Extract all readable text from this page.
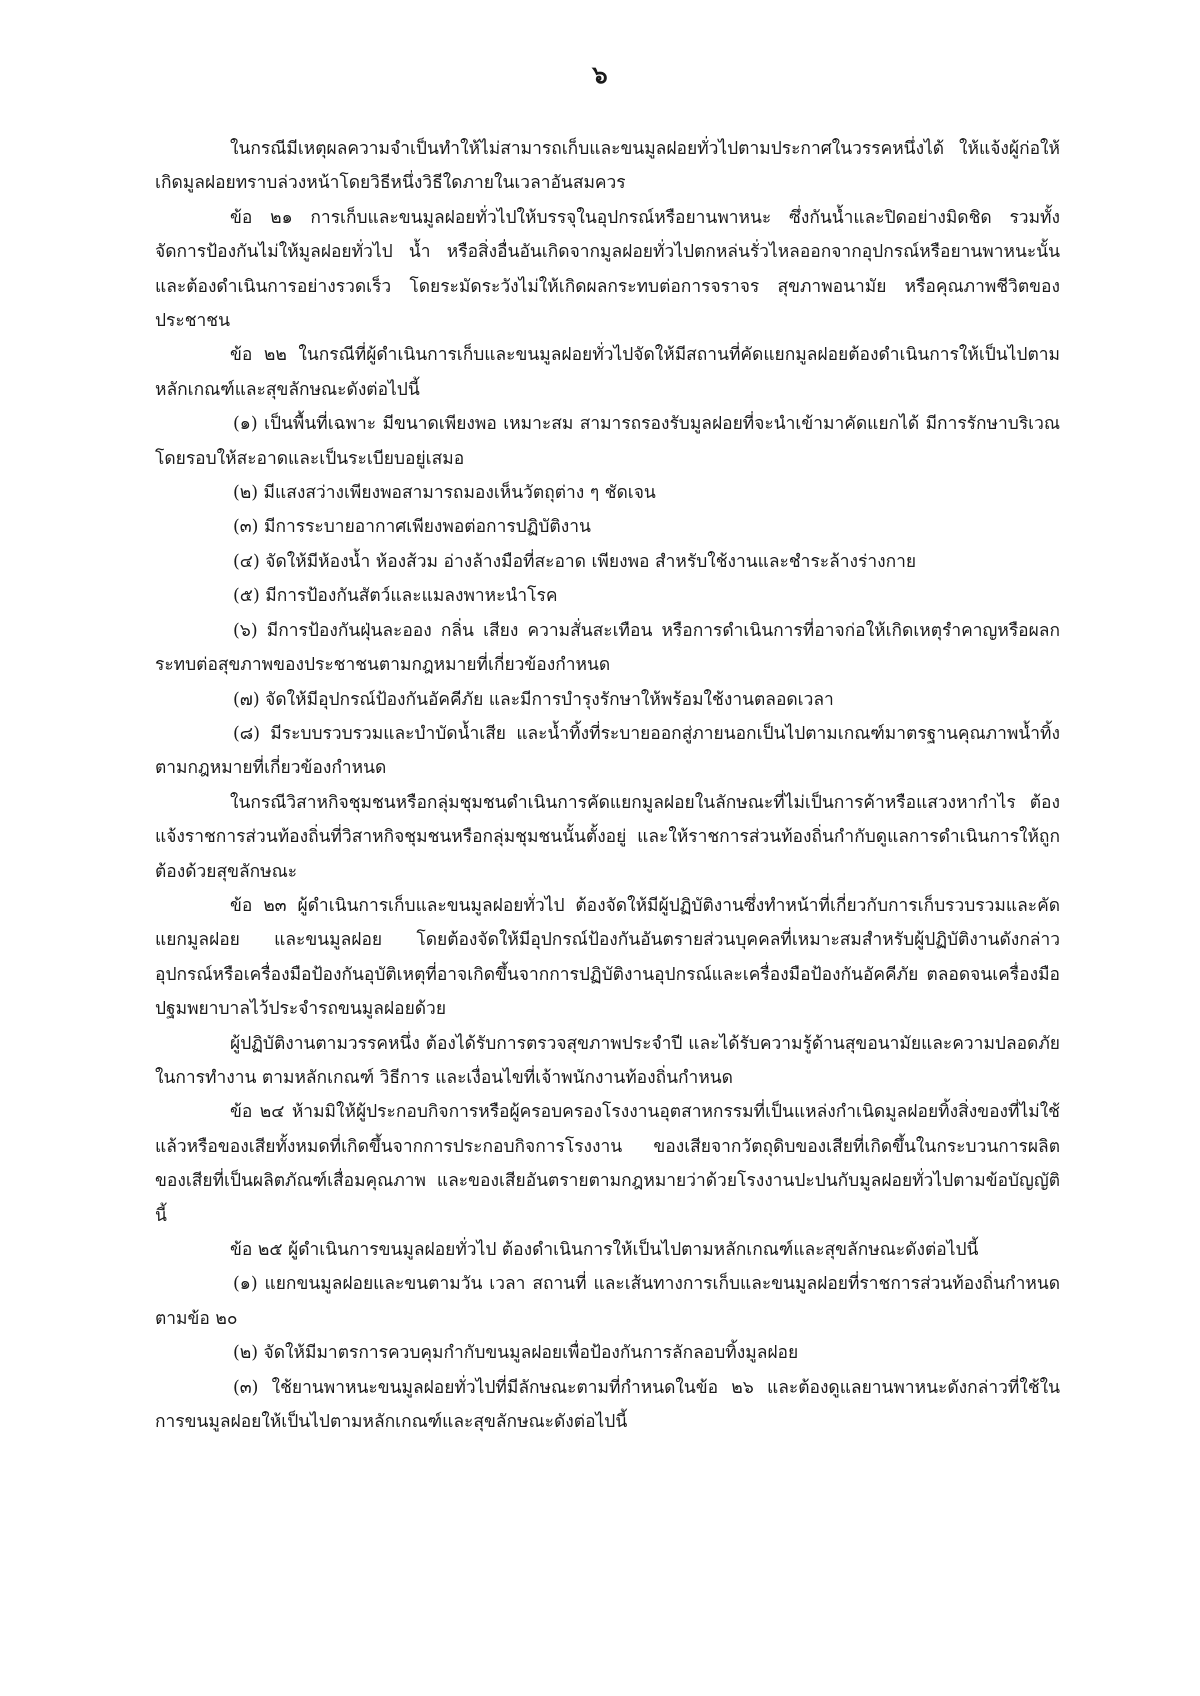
๖

ในกรณีมีเหตุผลความจำเป็นทำให้ไม่สามารถเก็บและขนมูลฝอยทั่วไปตามประกาศในวรรคหนึ่งได้ ให้แจ้งผู้ก่อให้เกิดมูลฝอยทราบล่วงหน้าโดยวิธีหนึ่งวิธีใดภายในเวลาอันสมควร

ข้อ ๒๑ การเก็บและขนมูลฝอยทั่วไปให้บรรจุในอุปกรณ์หรือยานพาหนะ ซึ่งกันน้ำและปิดอย่างมิดชิด รวมทั้งจัดการป้องกันไม่ให้มูลฝอยทั่วไป น้ำ หรือสิ่งอื่นอันเกิดจากมูลฝอยทั่วไปตกหล่นรั่วไหลออกจากอุปกรณ์หรือยานพาหนะนั้น และต้องดำเนินการอย่างรวดเร็ว โดยระมัดระวังไม่ให้เกิดผลกระทบต่อการจราจร สุขภาพอนามัย หรือคุณภาพชีวิตของประชาชน

ข้อ ๒๒ ในกรณีที่ผู้ดำเนินการเก็บและขนมูลฝอยทั่วไปจัดให้มีสถานที่คัดแยกมูลฝอยต้องดำเนินการให้เป็นไปตามหลักเกณฑ์และสุขลักษณะดังต่อไปนี้

(๑) เป็นพื้นที่เฉพาะ มีขนาดเพียงพอ เหมาะสม สามารถรองรับมูลฝอยที่จะนำเข้ามาคัดแยกได้ มีการรักษาบริเวณโดยรอบให้สะอาดและเป็นระเบียบอยู่เสมอ

(๒) มีแสงสว่างเพียงพอสามารถมองเห็นวัตถุต่าง ๆ ชัดเจน

(๓) มีการระบายอากาศเพียงพอต่อการปฏิบัติงาน

(๔) จัดให้มีห้องน้ำ ห้องส้วม อ่างล้างมือที่สะอาด เพียงพอ สำหรับใช้งานและชำระล้างร่างกาย

(๕) มีการป้องกันสัตว์และแมลงพาหะนำโรค

(๖) มีการป้องกันฝุ่นละออง กลิ่น เสียง ความสั่นสะเทือน หรือการดำเนินการที่อาจก่อให้เกิดเหตุรำคาญหรือผลกระทบต่อสุขภาพของประชาชนตามกฎหมายที่เกี่ยวข้องกำหนด

(๗) จัดให้มีอุปกรณ์ป้องกันอัคคีภัย และมีการบำรุงรักษาให้พร้อมใช้งานตลอดเวลา

(๘) มีระบบรวบรวมและบำบัดน้ำเสีย และน้ำทิ้งที่ระบายออกสู่ภายนอกเป็นไปตามเกณฑ์มาตรฐานคุณภาพน้ำทิ้งตามกฎหมายที่เกี่ยวข้องกำหนด

ในกรณีวิสาหกิจชุมชนหรือกลุ่มชุมชนดำเนินการคัดแยกมูลฝอยในลักษณะที่ไม่เป็นการค้าหรือแสวงหากำไร ต้องแจ้งราชการส่วนท้องถิ่นที่วิสาหกิจชุมชนหรือกลุ่มชุมชนนั้นตั้งอยู่ และให้ราชการส่วนท้องถิ่นกำกับดูแลการดำเนินการให้ถูกต้องด้วยสุขลักษณะ

ข้อ ๒๓ ผู้ดำเนินการเก็บและขนมูลฝอยทั่วไป ต้องจัดให้มีผู้ปฏิบัติงานซึ่งทำหน้าที่เกี่ยวกับการเก็บรวบรวมและคัดแยกมูลฝอย และขนมูลฝอย โดยต้องจัดให้มีอุปกรณ์ป้องกันอันตรายส่วนบุคคลที่เหมาะสมสำหรับผู้ปฏิบัติงานดังกล่าว อุปกรณ์หรือเครื่องมือป้องกันอุบัติเหตุที่อาจเกิดขึ้นจากการปฏิบัติงานอุปกรณ์และเครื่องมือป้องกันอัคคีภัย ตลอดจนเครื่องมือปฐมพยาบาลไว้ประจำรถขนมูลฝอยด้วย

ผู้ปฏิบัติงานตามวรรคหนึ่ง ต้องได้รับการตรวจสุขภาพประจำปี และได้รับความรู้ด้านสุขอนามัยและความปลอดภัยในการทำงาน ตามหลักเกณฑ์ วิธีการ และเงื่อนไขที่เจ้าพนักงานท้องถิ่นกำหนด

ข้อ ๒๔ ห้ามมิให้ผู้ประกอบกิจการหรือผู้ครอบครองโรงงานอุตสาหกรรมที่เป็นแหล่งกำเนิดมูลฝอยทิ้งสิ่งของที่ไม่ใช้แล้วหรือของเสียทั้งหมดที่เกิดขึ้นจากการประกอบกิจการโรงงาน ของเสียจากวัตถุดิบของเสียที่เกิดขึ้นในกระบวนการผลิต ของเสียที่เป็นผลิตภัณฑ์เสื่อมคุณภาพ และของเสียอันตรายตามกฎหมายว่าด้วยโรงงานปะปนกับมูลฝอยทั่วไปตามข้อบัญญัตินี้

ข้อ ๒๕ ผู้ดำเนินการขนมูลฝอยทั่วไป ต้องดำเนินการให้เป็นไปตามหลักเกณฑ์และสุขลักษณะดังต่อไปนี้

(๑) แยกขนมูลฝอยและขนตามวัน เวลา สถานที่ และเส้นทางการเก็บและขนมูลฝอยที่ราชการส่วนท้องถิ่นกำหนดตามข้อ ๒๐

(๒) จัดให้มีมาตรการควบคุมกำกับขนมูลฝอยเพื่อป้องกันการลักลอบทิ้งมูลฝอย

(๓) ใช้ยานพาหนะขนมูลฝอยทั่วไปที่มีลักษณะตามที่กำหนดในข้อ ๒๖ และต้องดูแลยานพาหนะดังกล่าวที่ใช้ในการขนมูลฝอยให้เป็นไปตามหลักเกณฑ์และสุขลักษณะดังต่อไปนี้
